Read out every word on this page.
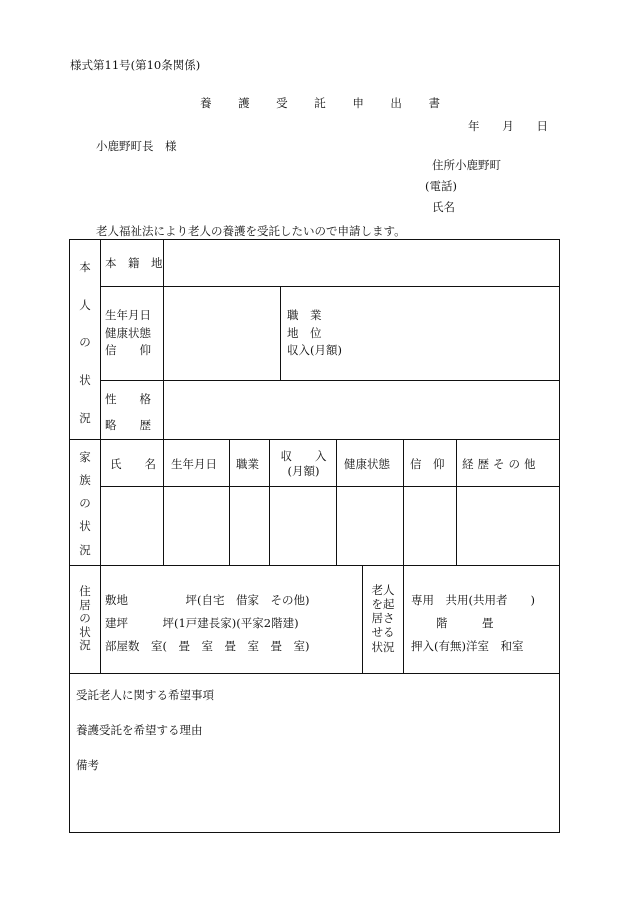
様式第11号(第10条関係)
養 護 受 託 申 出 書
年 月 日
小鹿野町長　様
住所小鹿野町
(電話)
氏名
老人福祉法により老人の養護を受託したいので申請します。
本
人
の
状
況
本　籍　地
生年月日
健康状態
信　　仰
職　業
地　位
収入(月額)
性　　格
略　　歴
家
族
の
状
況
氏　　名 生年月日 職業
収　　入
(月額) 健康状態 信　仰 経歴その他
住
居
の
状
況
敷地　　　　　坪(自宅　借家　その他)
建坪　　　坪(1戸建長家)(平家2階建)
部屋数　室(　畳　室　畳　室　畳　室)
老人
を起
居さ
せる
状況
専用　共用(共用者　　)
階　　　畳
押入(有無)洋室　和室
受託老人に関する希望事項
養護受託を希望する理由
備考
